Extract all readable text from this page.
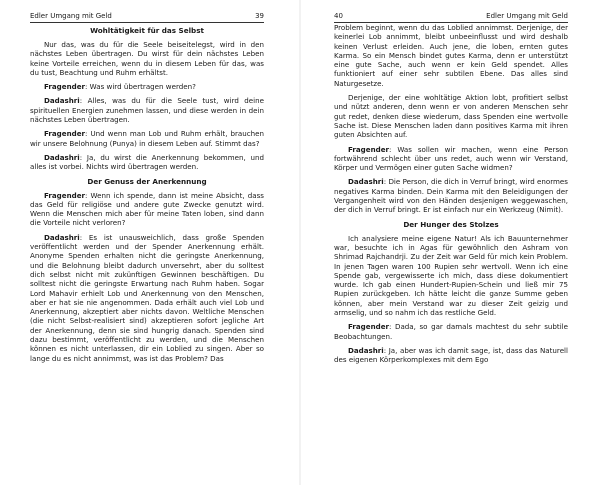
Edler Umgang mit Geld	39
Wohltätigkeit für das Selbst

Nur das, was du für die Seele beiseitelegst, wird in den nächstes Leben übertragen. Du wirst für dein nächstes Leben keine Vorteile erreichen, wenn du in diesem Leben für das, was du tust, Beachtung und Ruhm erhältst.

Fragender: Was wird übertragen werden?

Dadashri: Alles, was du für die Seele tust, wird deine spirituellen Energien zunehmen lassen, und diese werden in dein nächstes Leben übertragen.

Fragender: Und wenn man Lob und Ruhm erhält, brauchen wir unsere Belohnung (Punya) in diesem Leben auf. Stimmt das?

Dadashri: Ja, du wirst die Anerkennung bekommen, und alles ist vorbei. Nichts wird übertragen werden.

Der Genuss der Anerkennung

Fragender: Wenn ich spende, dann ist meine Absicht, dass das Geld für religiöse und andere gute Zwecke genutzt wird. Wenn die Menschen mich aber für meine Taten loben, sind dann die Vorteile nicht verloren?

Dadashri: Es ist unausweichlich, dass große Spenden veröffentlicht werden und der Spender Anerkennung erhält. Anonyme Spenden erhalten nicht die geringste Anerkennung, und die Belohnung bleibt dadurch unversehrt, aber du solltest dich selbst nicht mit zukünftigen Gewinnen beschäftigen. Du solltest nicht die geringste Erwartung nach Ruhm haben. Sogar Lord Mahavir erhielt Lob und Anerkennung von den Menschen, aber er hat sie nie angenommen. Dada erhält auch viel Lob und Anerkennung, akzeptiert aber nichts davon. Weltliche Menschen (die nicht Selbst-realisiert sind) akzeptieren sofort jegliche Art der Anerkennung, denn sie sind hungrig danach. Spenden sind dazu bestimmt, veröffentlicht zu werden, und die Menschen können es nicht unterlassen, dir ein Loblied zu singen. Aber so lange du es nicht annimmst, was ist das Problem? Das

40	Edler Umgang mit Geld

Problem beginnt, wenn du das Loblied annimmst. Derjenige, der keinerlei Lob annimmt, bleibt unbeeinflusst und wird deshalb keinen Verlust erleiden. Auch jene, die loben, ernten gutes Karma. So ein Mensch bindet gutes Karma, denn er unterstützt eine gute Sache, auch wenn er kein Geld spendet. Alles funktioniert auf einer sehr subtilen Ebene. Das alles sind Naturgesetze.

Derjenige, der eine wohltätige Aktion lobt, profitiert selbst und nützt anderen, denn wenn er von anderen Menschen sehr gut redet, denken diese wiederum, dass Spenden eine wertvolle Sache ist. Diese Menschen laden dann positives Karma mit ihren guten Absichten auf.

Fragender: Was sollen wir machen, wenn eine Person fortwährend schlecht über uns redet, auch wenn wir Verstand, Körper und Vermögen einer guten Sache widmen?

Dadashri: Die Person, die dich in Verruf bringt, wird enormes negatives Karma binden. Dein Karma mit den Beleidigungen der Vergangenheit wird von den Händen desjenigen weggewaschen, der dich in Verruf bringt. Er ist einfach nur ein Werkzeug (Nimit).

Der Hunger des Stolzes

Ich analysiere meine eigene Natur! Als ich Bauunternehmer war, besuchte ich in Agas für gewöhnlich den Ashram von Shrimad Rajchandrji. Zu der Zeit war Geld für mich kein Problem. In jenen Tagen waren 100 Rupien sehr wertvoll. Wenn ich eine Spende gab, vergewisserte ich mich, dass diese dokumentiert wurde. Ich gab einen Hundert-Rupien-Schein und ließ mir 75 Rupien zurückgeben. Ich hätte leicht die ganze Summe geben können, aber mein Verstand war zu dieser Zeit geizig und armselig, und so nahm ich das restliche Geld.

Fragender: Dada, so gar damals machtest du sehr subtile Beobachtungen.

Dadashri: Ja, aber was ich damit sage, ist, dass das Naturell des eigenen Körperkomplexes mit dem Ego
